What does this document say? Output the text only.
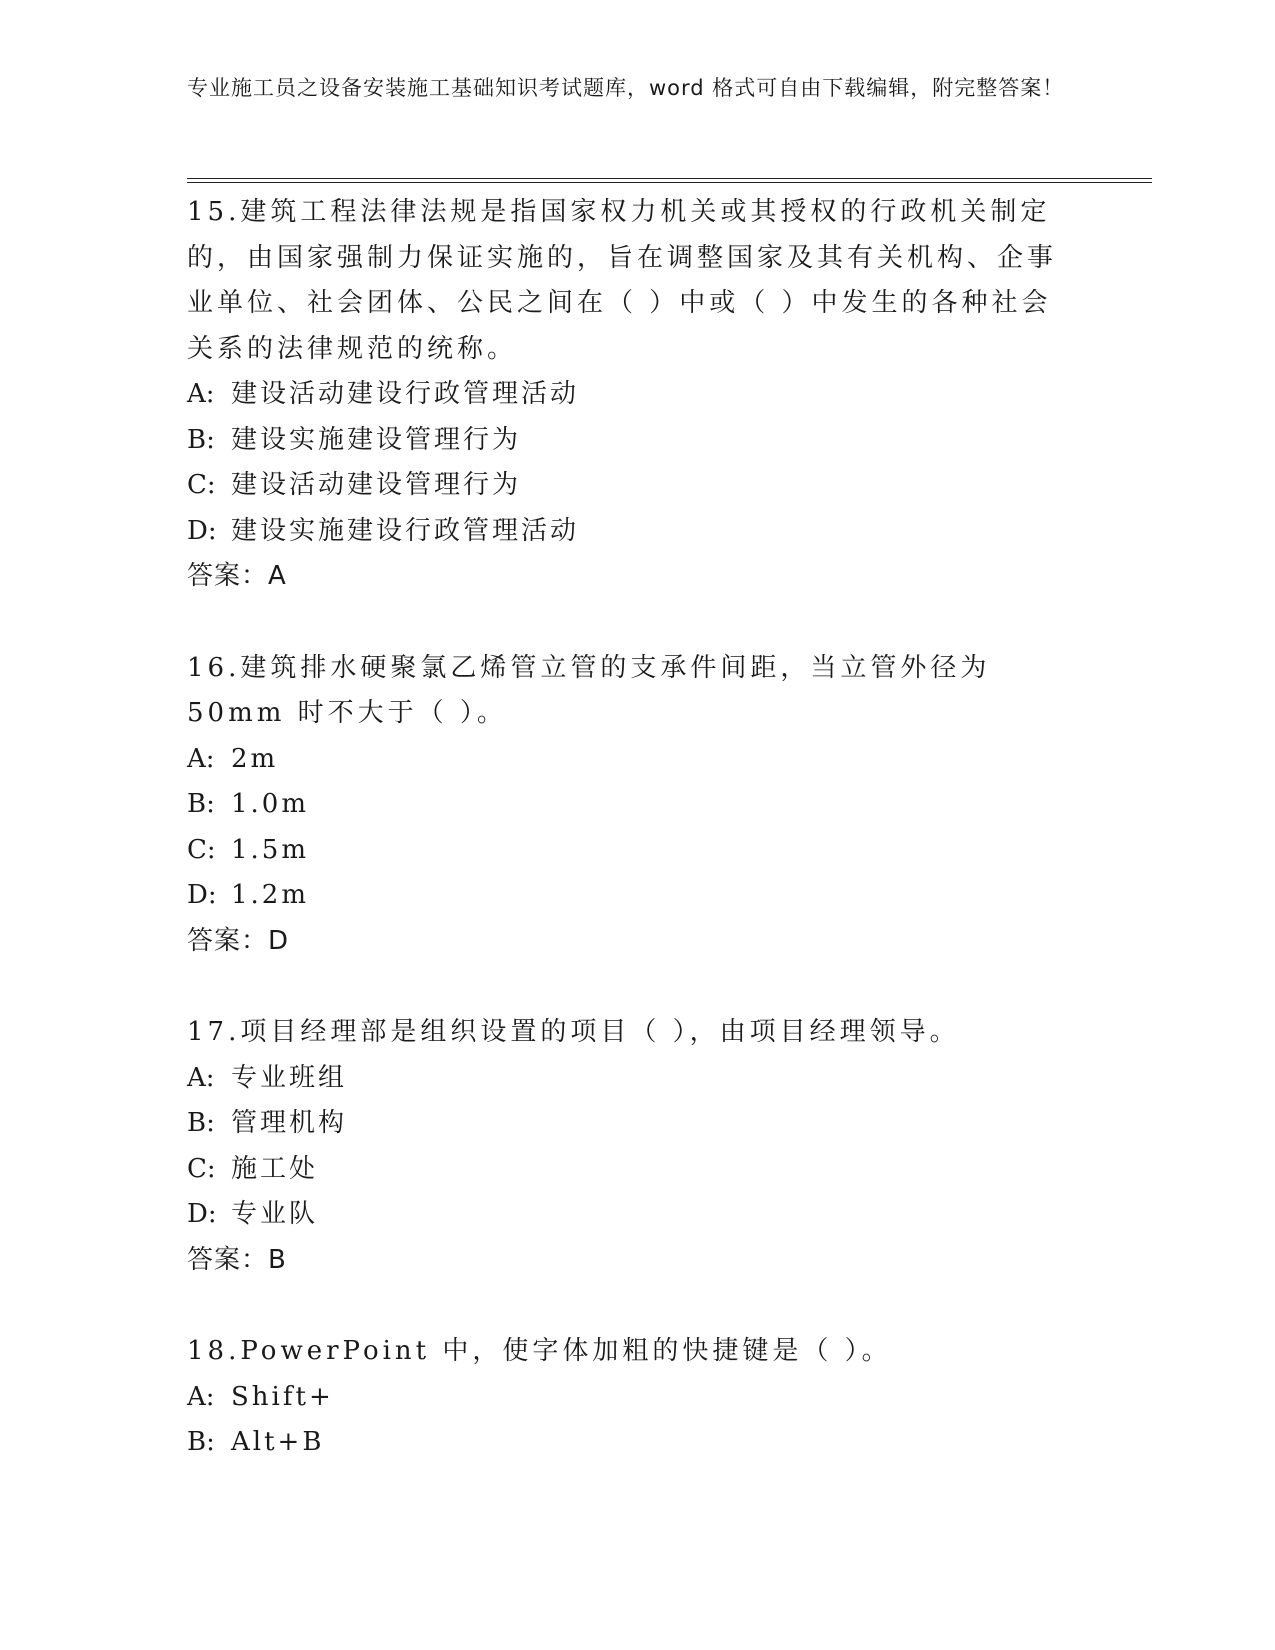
专业施工员之设备安装施工基础知识考试题库，word 格式可自由下载编辑，附完整答案！
15.建筑工程法律法规是指国家权力机关或其授权的行政机关制定的，由国家强制力保证实施的，旨在调整国家及其有关机构、企事业单位、社会团体、公民之间在（ ）中或（ ）中发生的各种社会关系的法律规范的统称。
A: 建设活动建设行政管理活动
B: 建设实施建设管理行为
C: 建设活动建设管理行为
D: 建设实施建设行政管理活动
答案：A
16.建筑排水硬聚氯乙烯管立管的支承件间距，当立管外径为 50mm 时不大于（ ）。
A: 2m
B: 1.0m
C: 1.5m
D: 1.2m
答案：D
17.项目经理部是组织设置的项目（ ），由项目经理领导。
A: 专业班组
B: 管理机构
C: 施工处
D: 专业队
答案：B
18.PowerPoint 中，使字体加粗的快捷键是（ ）。
A: Shift+
B: Alt+B
